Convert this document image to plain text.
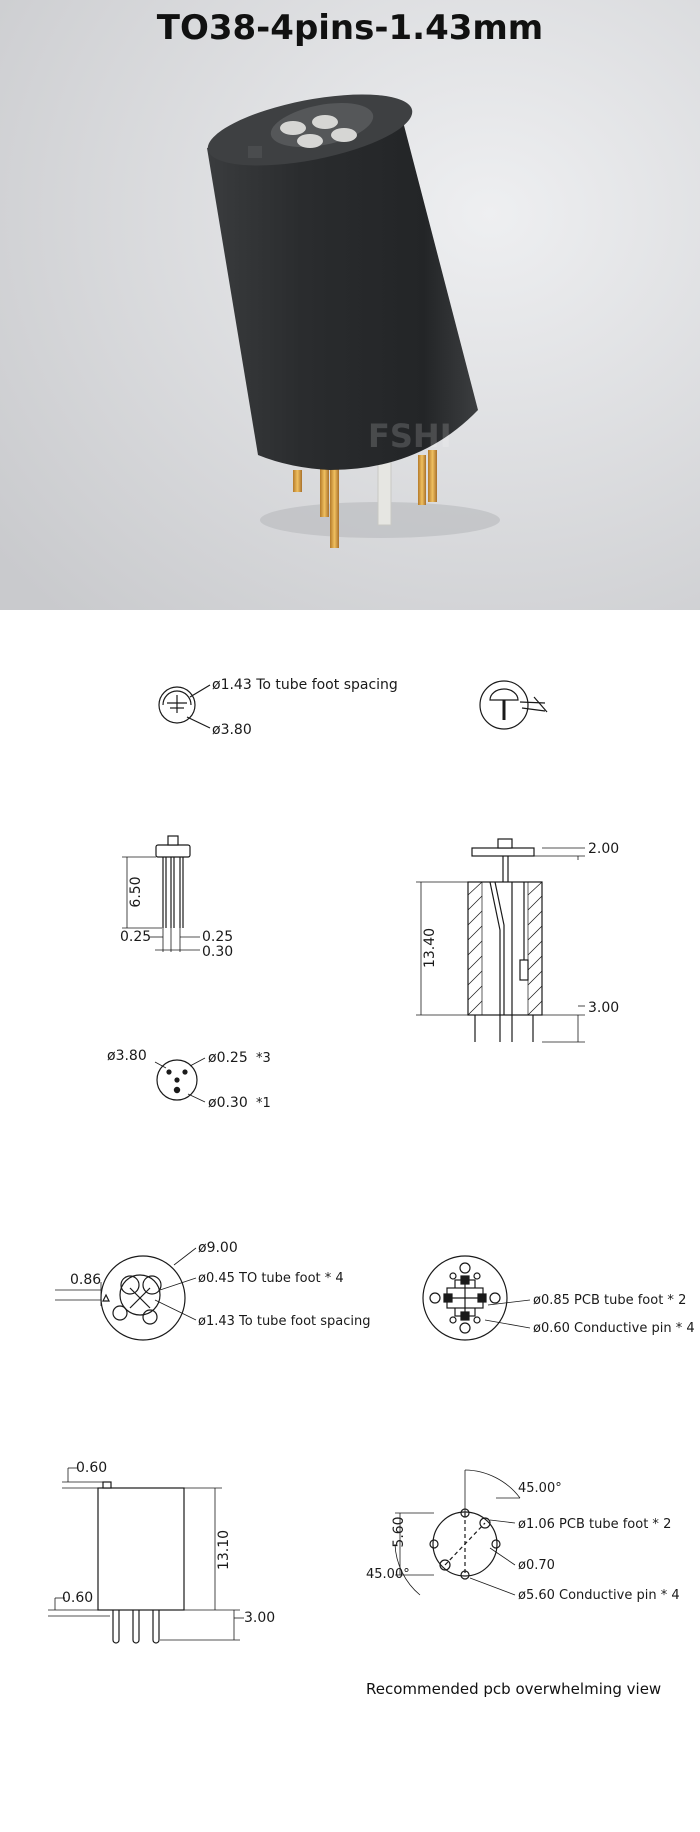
FSHI
TO38-4pins-1.43mm
ø1.43 To tube foot spacing
ø3.80
6.50
0.25	0.25
0.30
2.00
13.40
3.00
ø3.80	ø0.25 *3
ø0.30 *1
ø9.00
0.86	ø0.45 TO tube foot * 4
ø1.43 To tube foot spacing
ø0.85 PCB tube foot * 2
ø0.60 Conductive pin * 4
0.60
0.60
13.10
3.00
45.00°
45.00°
5.60	ø1.06 PCB tube foot * 2
ø0.70
ø5.60 Conductive pin * 4
Recommended pcb overwhelming view
